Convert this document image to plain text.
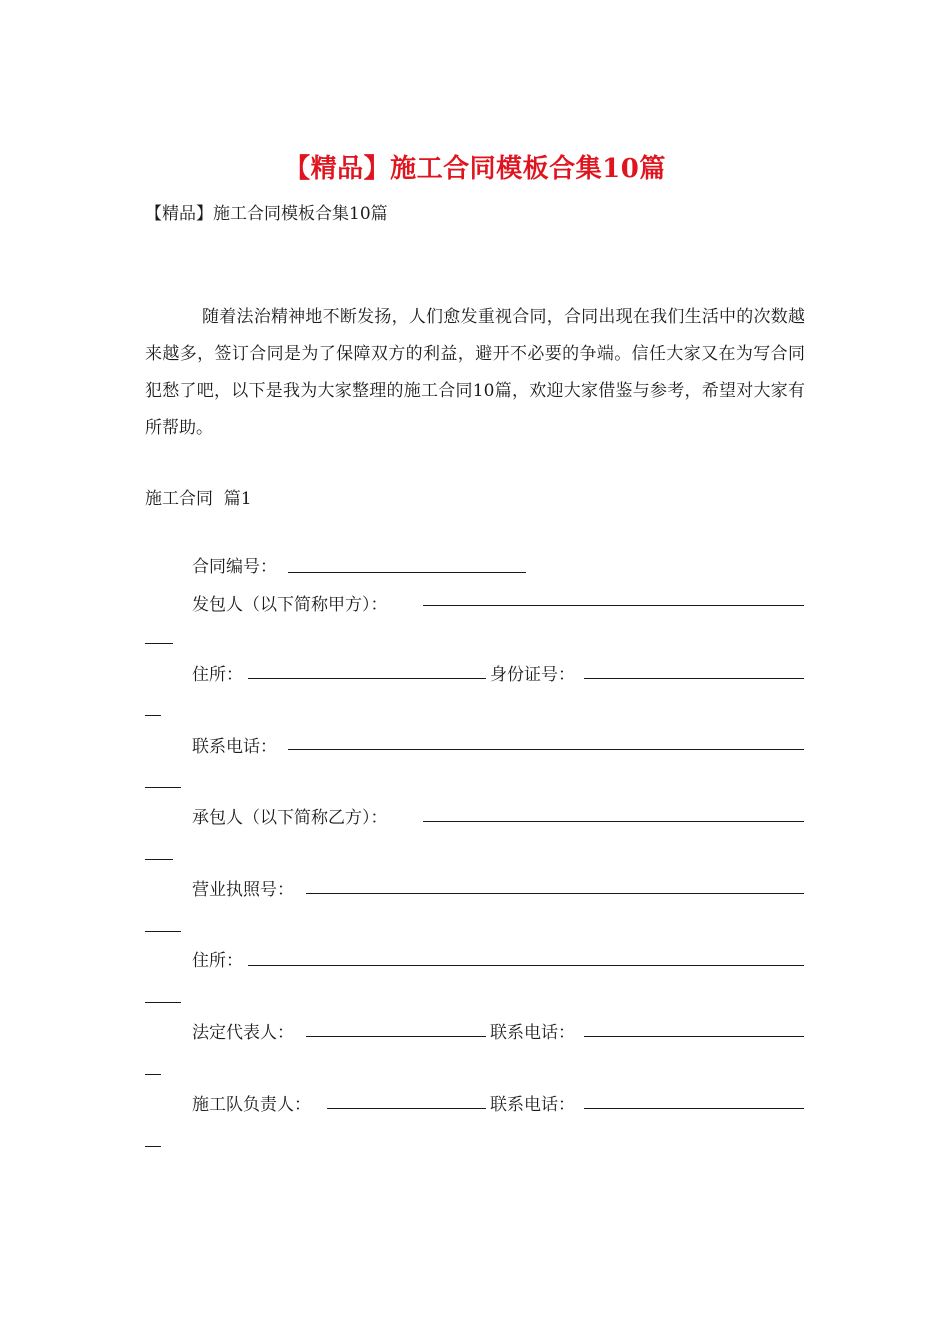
【精品】施工合同模板合集10篇
【精品】施工合同模板合集10篇
随着法治精神地不断发扬，人们愈发重视合同，合同出现在我们生活中的次数越来越多，签订合同是为了保障双方的利益，避开不必要的争端。信任大家又在为写合同犯愁了吧，以下是我为大家整理的施工合同10篇，欢迎大家借鉴与参考，希望对大家有所帮助。
施工合同  篇1
合同编号：
发包人（以下简称甲方）：
住所：	身份证号：
联系电话：
承包人（以下简称乙方）：
营业执照号：
住所：
法定代表人：	联系电话：
施工队负责人：	联系电话：
